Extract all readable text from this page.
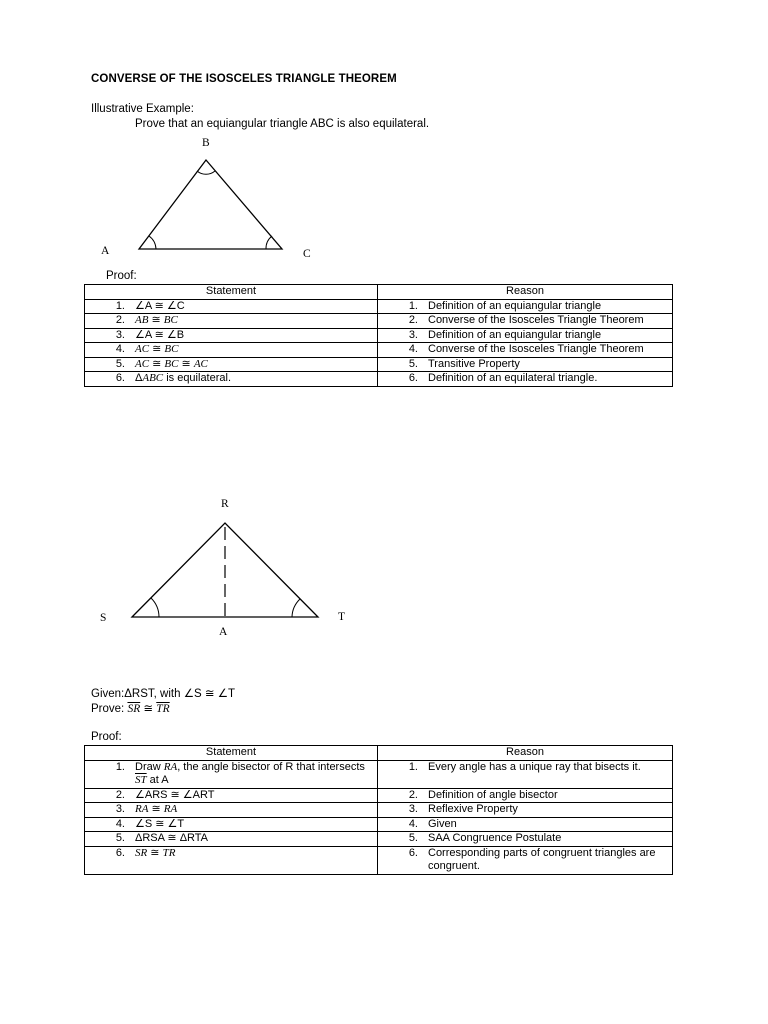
CONVERSE OF THE ISOSCELES TRIANGLE THEOREM
Illustrative Example:
Prove that an equiangular triangle ABC is also equilateral.
B
A	C
Proof:
Statement	Reason

1. ∠A ≅ ∠C	1. Definition of an equiangular triangle

2. $\overline{AB}$ ≅ BC	2. Converse of the Isosceles Triangle Theorem

3. ∠A ≅ ∠B	3. Definition of an equiangular triangle

4. $\overline{AC}$ ≅ $\overline{BC}$	4. Converse of the Isosceles Triangle Theorem

5. $\overline{AC}$ ≅ $\overline{BC}$ ≅ $\overline{AC}$	5. Transitive Property

6. ΔABC is equilateral.	6. Definition of an equilateral triangle.
R
S	T
A
Given:ΔRST, with ∠S ≅ ∠T
Prove: $\overline{SR}$ ≅ $\overline{TR}$
Proof:
Statement	Reason

1. Draw $\overline{RA}$, the angle bisector of R that intersects $\overline{ST}$ at A	1. Every angle has a unique ray that bisects it.

2. ∠ARS ≅ ∠ART	2. Definition of angle bisector

3. $\overline{RA}$ ≅ $\overline{RA}$	3. Reflexive Property

4. ∠S ≅ ∠T	4. Given

5. ΔRSA ≅ ΔRTA	5. SAA Congruence Postulate

6. $\overline{SR}$ ≅ $\overline{TR}$	6. Corresponding parts of congruent triangles are congruent.
